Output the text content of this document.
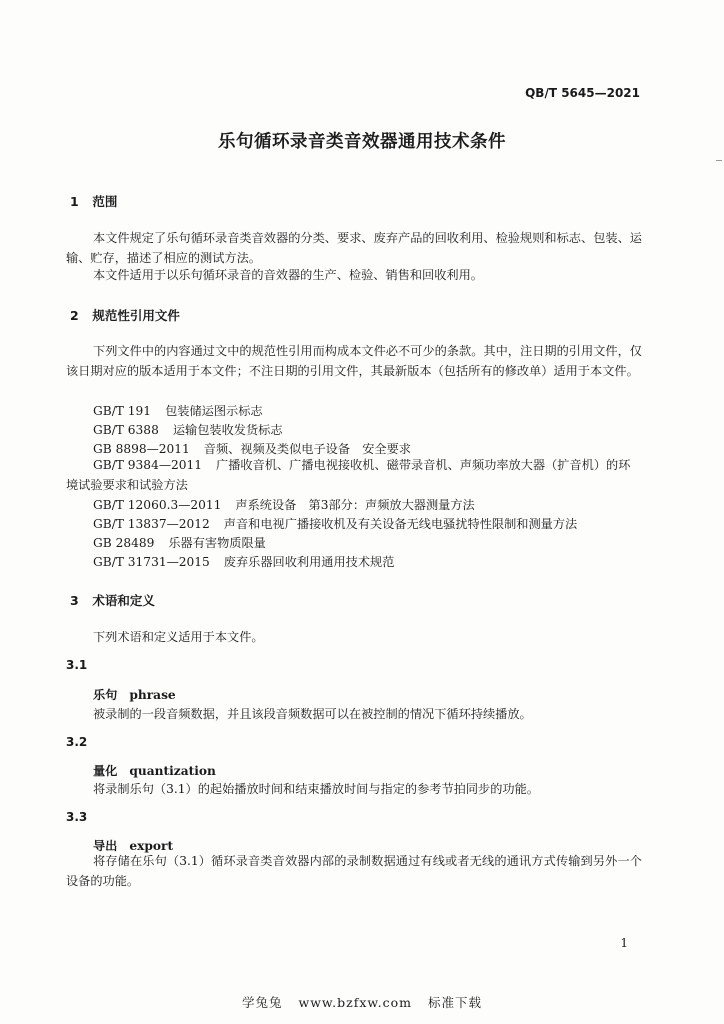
QB/T 5645—2021
乐句循环录音类音效器通用技术条件
1 范围
本文件规定了乐句循环录音类音效器的分类、要求、废弃产品的回收利用、检验规则和标志、包装、运输、贮存，描述了相应的测试方法。
本文件适用于以乐句循环录音的音效器的生产、检验、销售和回收利用。
2 规范性引用文件
下列文件中的内容通过文中的规范性引用而构成本文件必不可少的条款。其中，注日期的引用文件，仅该日期对应的版本适用于本文件；不注日期的引用文件，其最新版本（包括所有的修改单）适用于本文件。
GB/T 191 包装储运图示标志
GB/T 6388 运输包装收发货标志
GB 8898—2011 音频、视频及类似电子设备　安全要求
GB/T 9384—2011 广播收音机、广播电视接收机、磁带录音机、声频功率放大器（扩音机）的环境试验要求和试验方法
GB/T 12060.3—2011 声系统设备　第3部分：声频放大器测量方法
GB/T 13837—2012 声音和电视广播接收机及有关设备无线电骚扰特性限制和测量方法
GB 28489 乐器有害物质限量
GB/T 31731—2015 废弃乐器回收利用通用技术规范
3 术语和定义
下列术语和定义适用于本文件。
3.1
乐句 phrase
被录制的一段音频数据，并且该段音频数据可以在被控制的情况下循环持续播放。
3.2
量化 quantization
将录制乐句（3.1）的起始播放时间和结束播放时间与指定的参考节拍同步的功能。
3.3
导出 export
将存储在乐句（3.1）循环录音类音效器内部的录制数据通过有线或者无线的通讯方式传输到另外一个设备的功能。
1
学兔兔 www.bzfxw.com 标准下载
